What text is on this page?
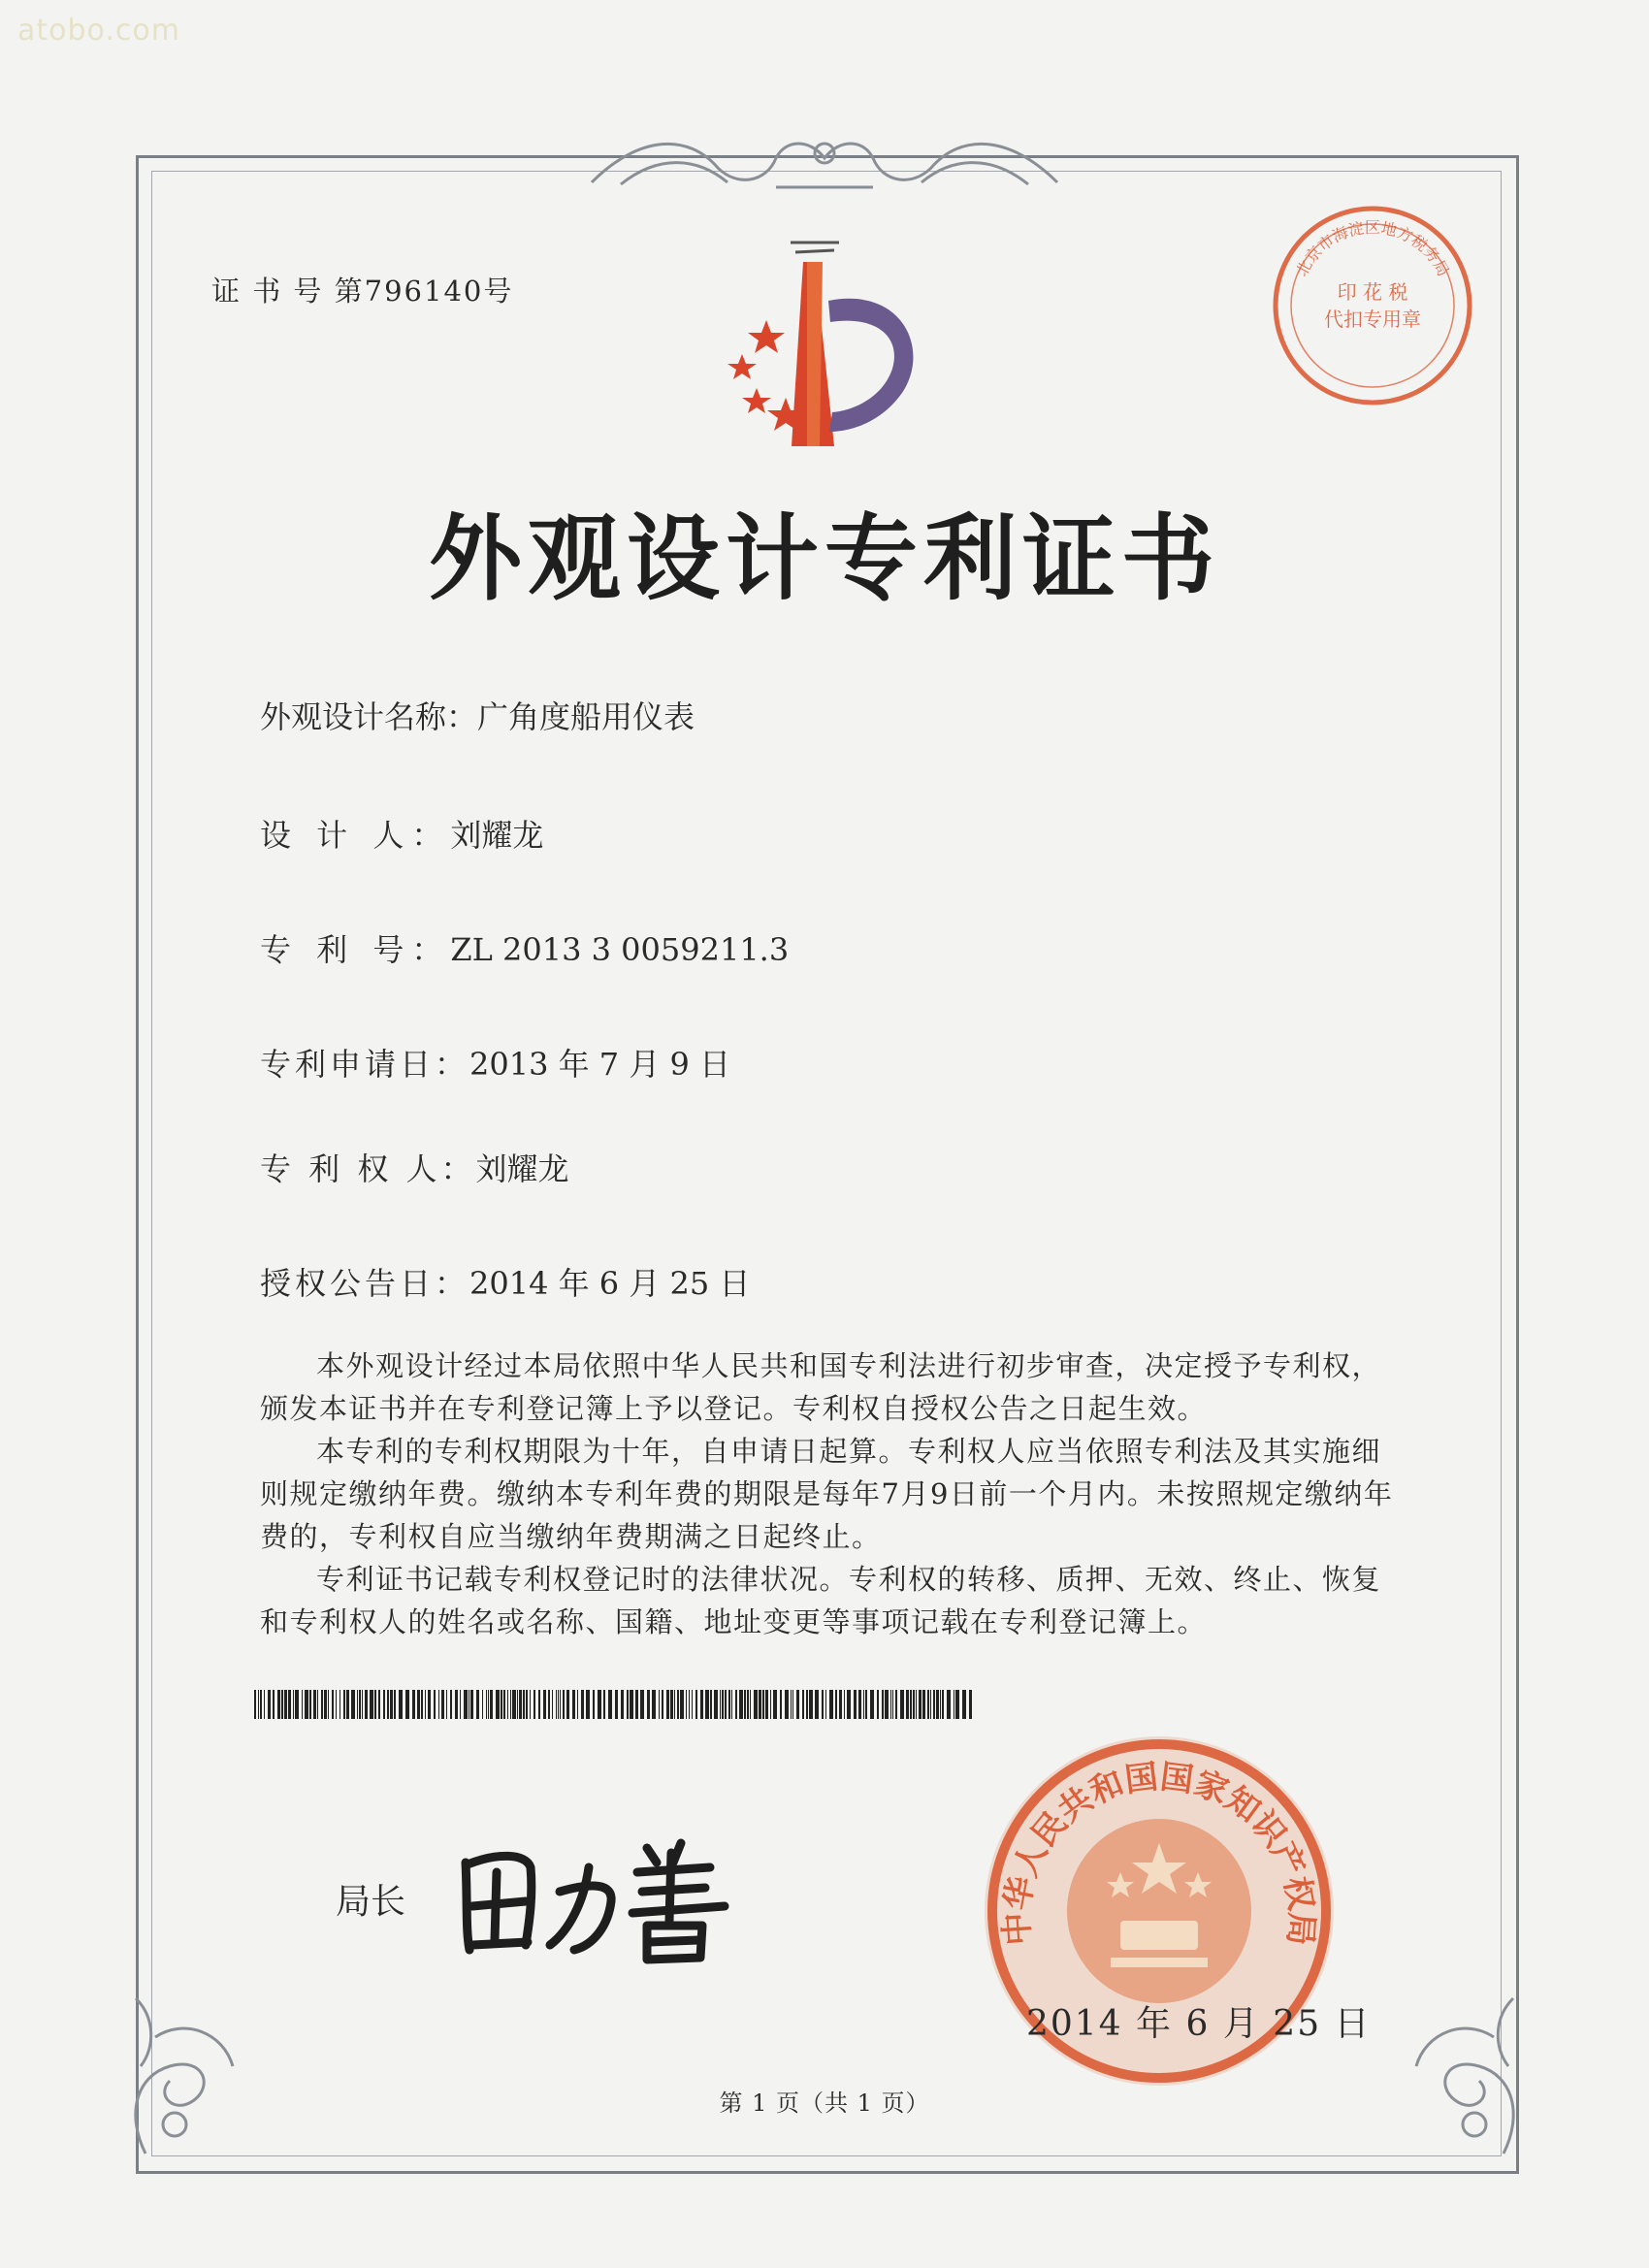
atobo.com
证 书 号 第796140号	印 花 税
代扣专用章
北京市海淀区地方税务局
外观设计专利证书
外观设计名称：广角度船用仪表
设 计 人：刘耀龙
专 利 号：ZL 2013 3 0059211.3
专利申请日：2013 年 7 月 9 日
专 利 权 人：刘耀龙
授权公告日：2014 年 6 月 25 日

本外观设计经过本局依照中华人民共和国专利法进行初步审查，决定授予专利权，颁发本证书并在专利登记簿上予以登记。专利权自授权公告之日起生效。

本专利的专利权期限为十年，自申请日起算。专利权人应当依照专利法及其实施细则规定缴纳年费。缴纳本专利年费的期限是每年7月9日前一个月内。未按照规定缴纳年费的，专利权自应当缴纳年费期满之日起终止。

专利证书记载专利权登记时的法律状况。专利权的转移、质押、无效、终止、恢复和专利权人的姓名或名称、国籍、地址变更等事项记载在专利登记簿上。

局长
中华人民共和国国家知识产权局
2014 年 6 月 25 日
第 1 页（共 1 页）
